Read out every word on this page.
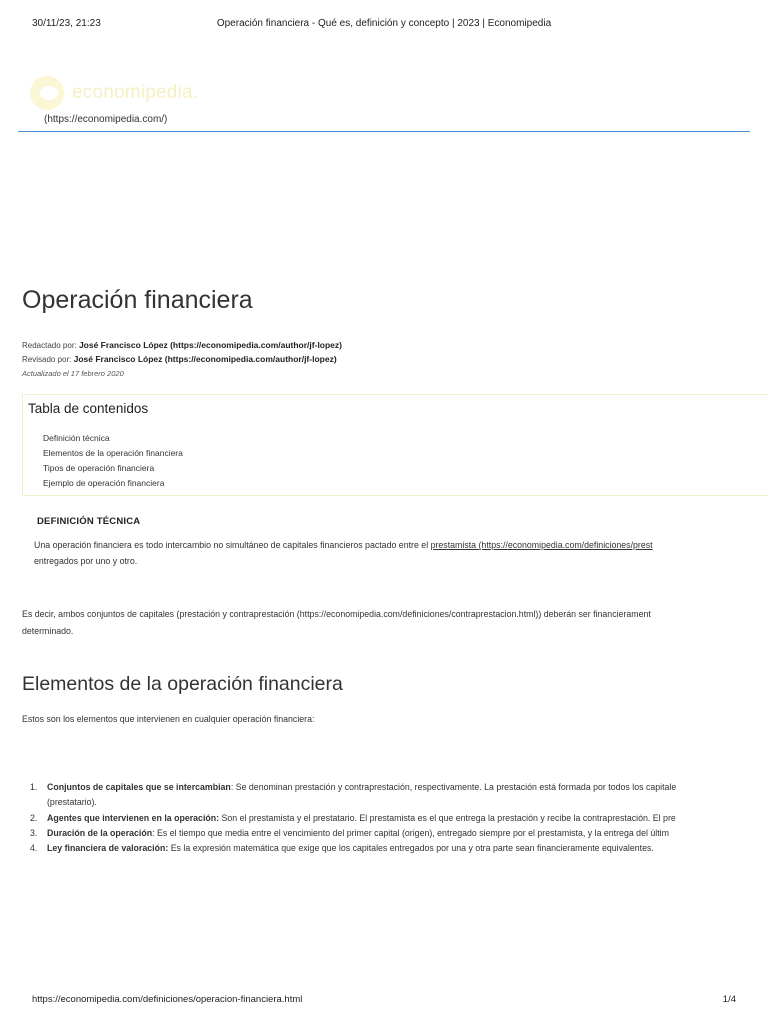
30/11/23, 21:23	Operación financiera - Qué es, definición y concepto | 2023 | Economipedia
economipedia.
(https://economipedia.com/)
Operación financiera
Redactado por: José Francisco López (https://economipedia.com/author/jf-lopez)
Revisado por: José Francisco López (https://economipedia.com/author/jf-lopez)
Actualizado el 17 febrero 2020
Tabla de contenidos
Definición técnica
Elementos de la operación financiera
Tipos de operación financiera
Ejemplo de operación financiera
DEFINICIÓN TÉCNICA
Una operación financiera es todo intercambio no simultáneo de capitales financieros pactado entre el prestamista (https://economipedia.com/definiciones/prest
entregados por uno y otro.
Es decir, ambos conjuntos de capitales (prestación y contraprestación (https://economipedia.com/definiciones/contraprestacion.html)) deberán ser financierament
determinado.
Elementos de la operación financiera
Estos son los elementos que intervienen en cualquier operación financiera:
1. Conjuntos de capitales que se intercambian: Se denominan prestación y contraprestación, respectivamente. La prestación está formada por todos los capitale
(prestatario).
2. Agentes que intervienen en la operación: Son el prestamista y el prestatario. El prestamista es el que entrega la prestación y recibe la contraprestación. El pre
3. Duración de la operación: Es el tiempo que media entre el vencimiento del primer capital (origen), entregado siempre por el prestamista, y la entrega del últim
4. Ley financiera de valoración: Es la expresión matemática que exige que los capitales entregados por una y otra parte sean financieramente equivalentes.
https://economipedia.com/definiciones/operacion-financiera.html	1/4
